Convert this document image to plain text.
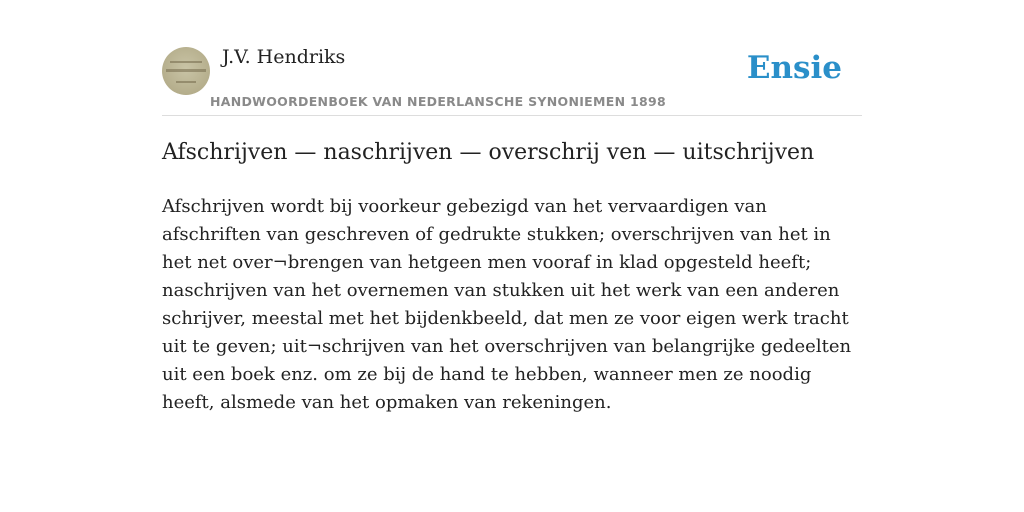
J.V. Hendriks
HANDWOORDENBOEK VAN NEDERLANSCHE SYNONIEMEN 1898
Ensie
Afschrijven — naschrijven — overschrij ven — uitschrijven

Afschrijven wordt bij voorkeur gebezigd van het vervaardigen van afschriften van geschreven of gedrukte stukken; overschrijven van het in het net over¬brengen van hetgeen men vooraf in klad opgesteld heeft; naschrijven van het overnemen van stukken uit het werk van een anderen schrijver, meestal met het bijdenkbeeld, dat men ze voor eigen werk tracht uit te geven; uit¬schrijven van het overschrijven van belangrijke gedeelten uit een boek enz. om ze bij de hand te hebben, wanneer men ze noodig heeft, alsmede van het opmaken van rekeningen.
